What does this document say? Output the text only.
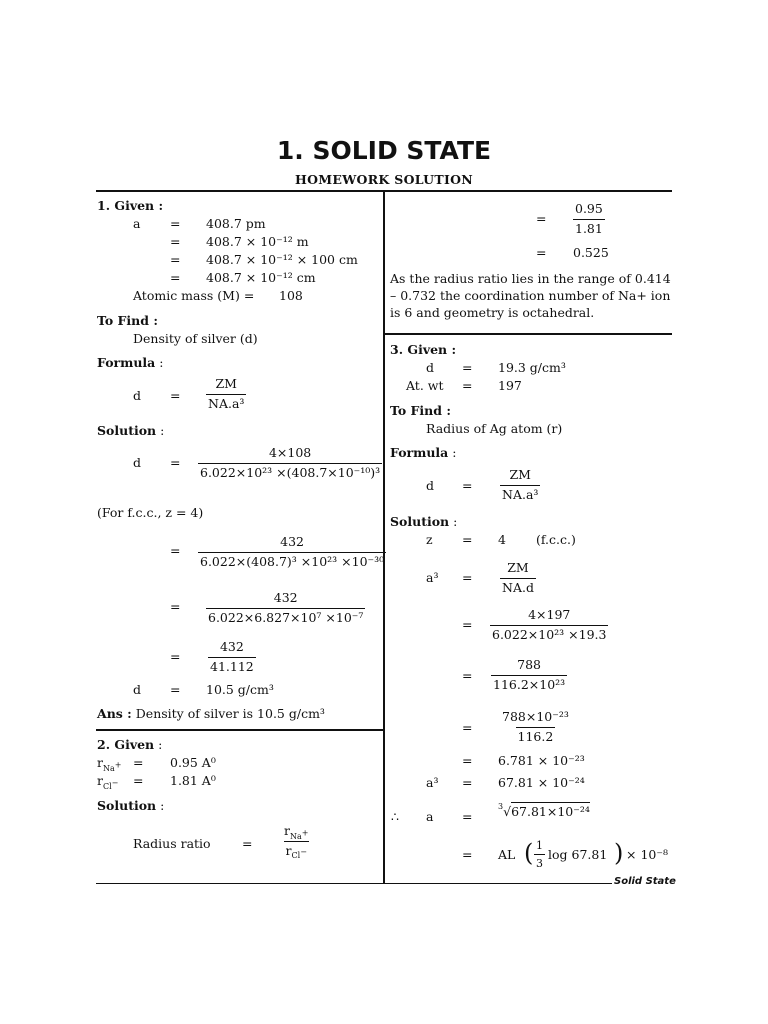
1. SOLID STATE
HOMEWORK SOLUTION
Solid State
1. Given :
a = 408.7 pm
= 408.7 × 10⁻¹² m
= 408.7 × 10⁻¹² × 100 cm
= 408.7 × 10⁻¹² cm
Atomic mass (M) = 108
To Find :
Density of silver (d)
Formula :
$d = \frac{ZM}{\text{NA.a³}}$
Solution :
$d = \frac{4\times 108}{\text{6.022×10²³ ×(408.7×10⁻¹⁰)³}}$
(For f.c.c., z = 4)
= $\frac{432}{\text{6.022×(408.7)³ ×10²³ ×10⁻³⁰}}$
= $\frac{432}{\text{6.022×6.827×10⁷ ×10⁻⁷}}$
= $\frac{432}{41.112}$
d = 10.5 g/cm³
Ans : Density of silver is 10.5 g/cm³
2. Given :
$r_{Na^+} = 0.95$ A⁰
$r_{Cl^-} = 1.81$ A⁰
Solution :
Radius ratio	=
$r_{Na^+}$
$r_{Cl^-}$
= $\frac{0.95}{1.81}$
= 0.525
As the radius ratio lies in the range of 0.414 – 0.732 the coordination number of Na+ ion is 6 and geometry is octahedral.
3. Given :
d = 19.3 g/cm³
At. wt = 197
To Find :
Radius of Ag atom (r)
Formula :
$d = \frac{ZM}{\text{NA.a³}}$
Solution :
z = 4 (f.c.c.)
$a^3 = \frac{ZM}{NA.d}$
= $\frac{4\times 197}{\text{6.022×10²³ ×19.3}}$
= $\frac{788}{\text{116.2×10²³}}$
= $\frac{\text{788×10⁻²³}}{116.2}$
= 6.781 × 10⁻²³
a³ = 67.81 × 10⁻²⁴
∴ a =
$^3$√67.81×10⁻²⁴
= AL ( $\frac{1}{3}$ log 67.81 ) × 10⁻⁸
